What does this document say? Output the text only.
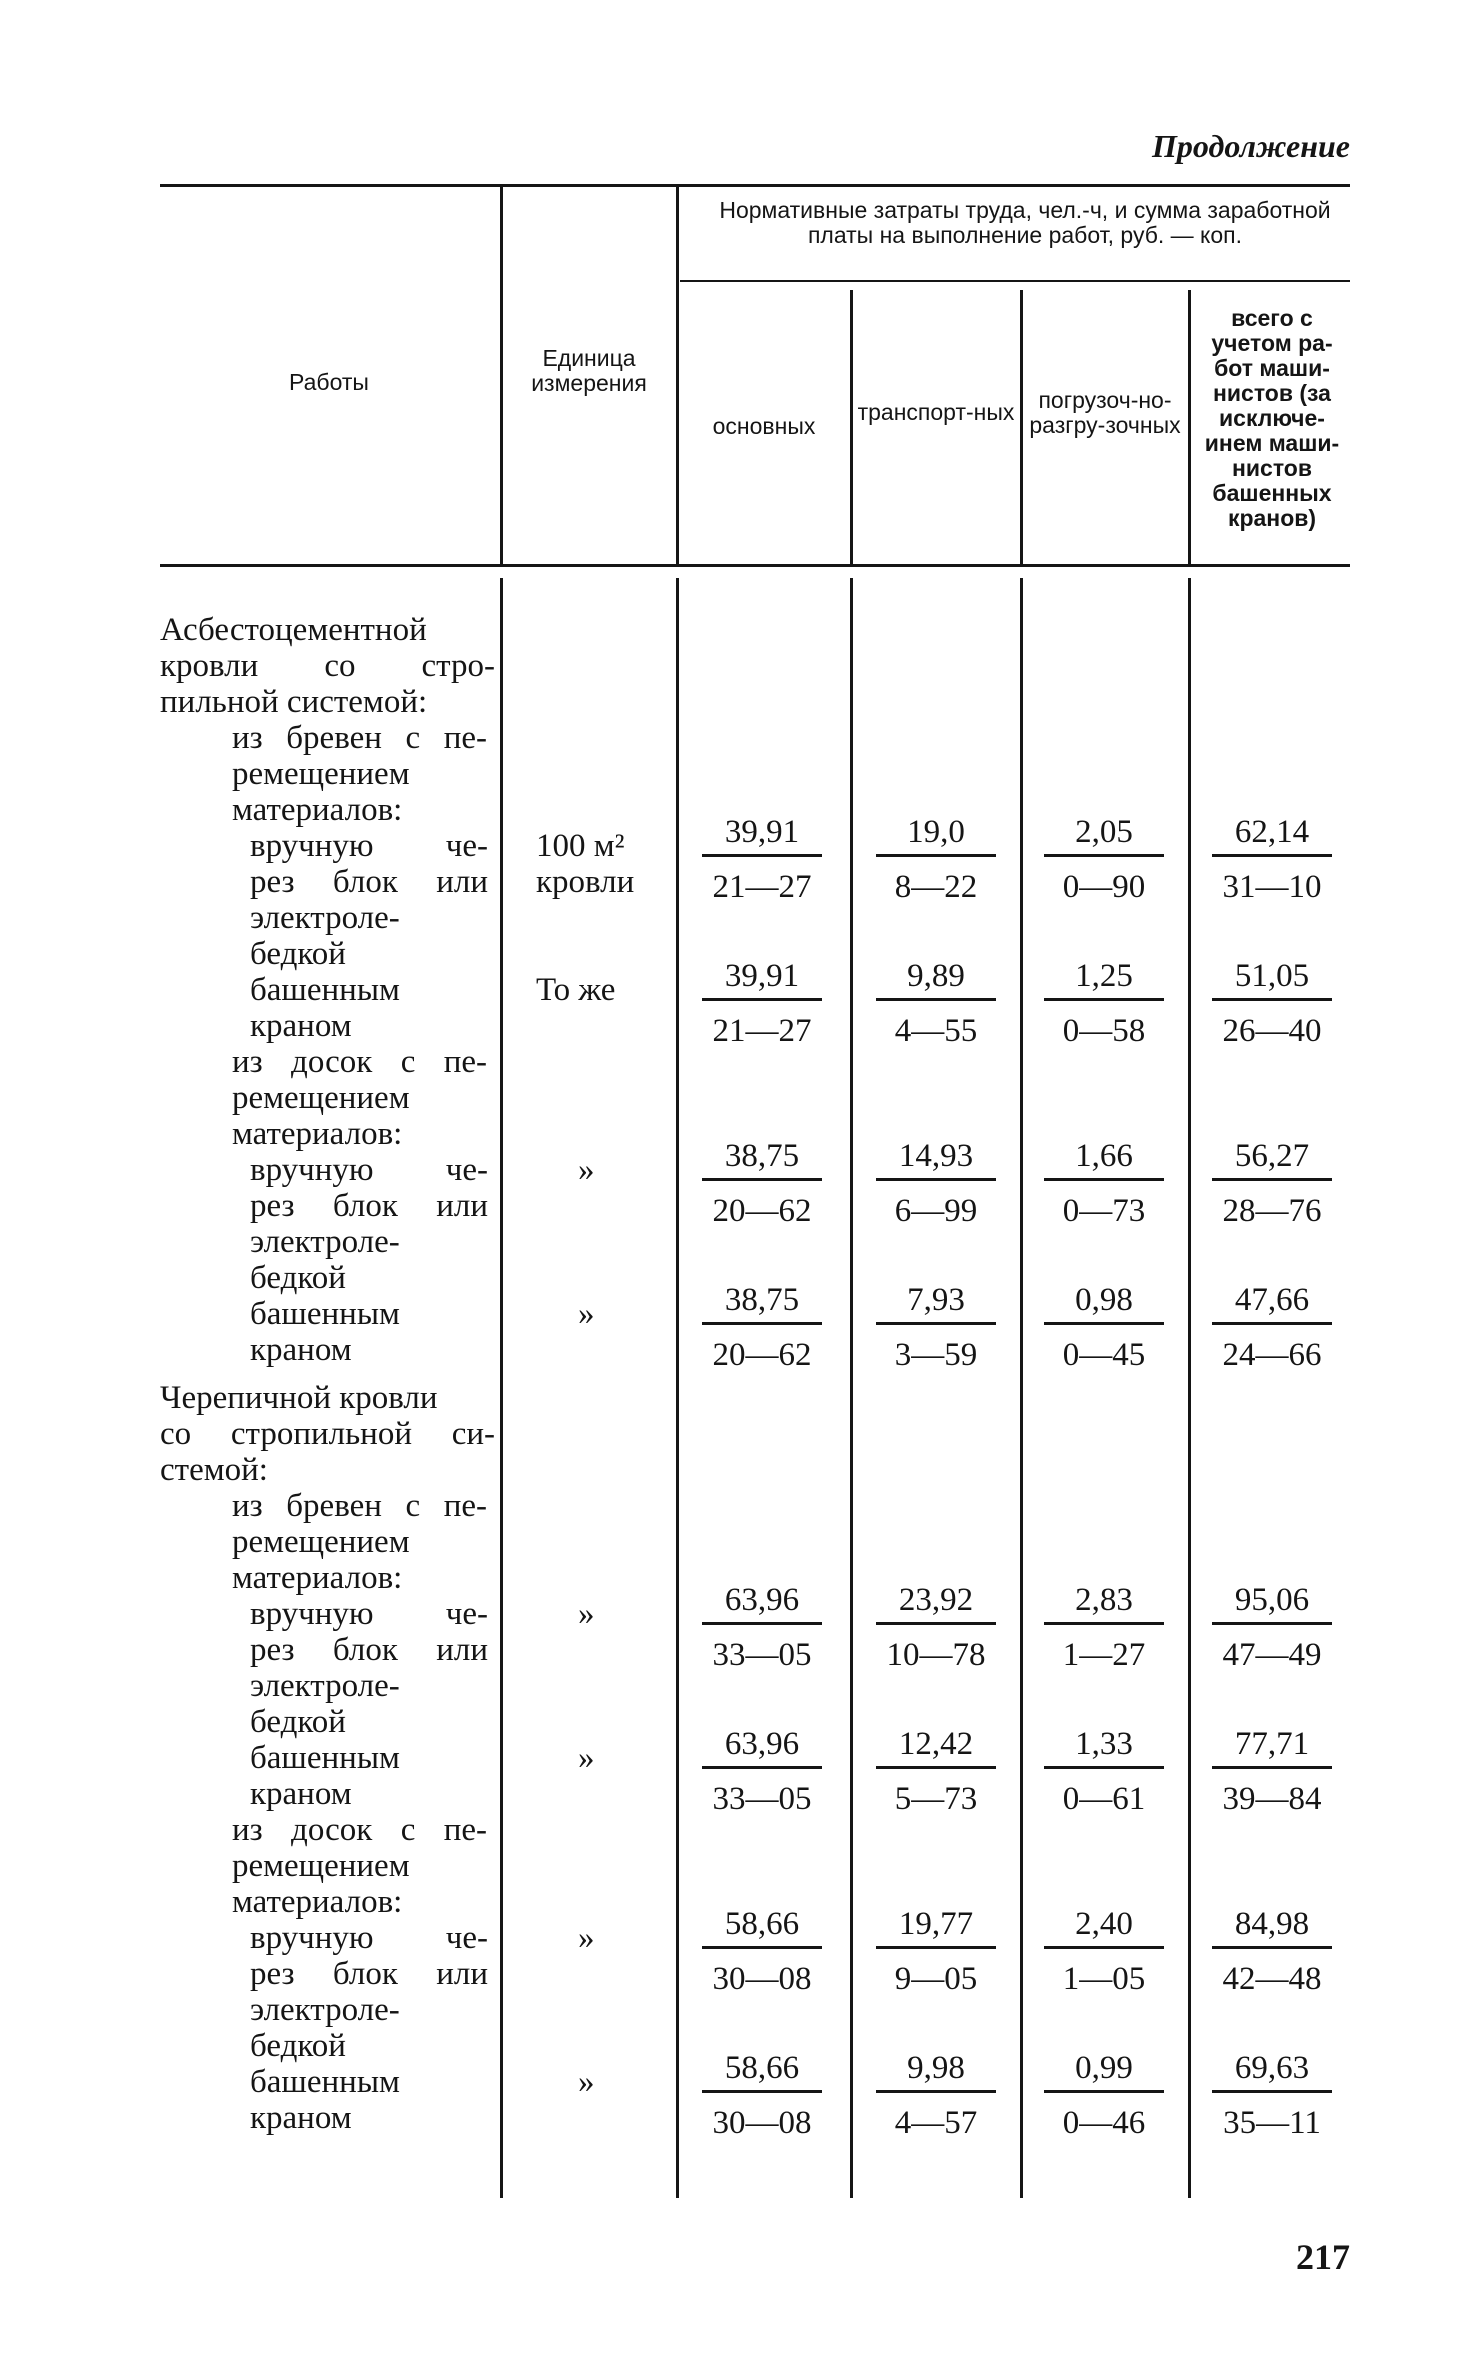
Продолжение
Работы
Единица измерения
Нормативные затраты труда, чел.-ч, и сумма заработной платы на выполнение работ, руб. — коп.
основных
транспорт-ных	погрузоч-но-разгру-зочных
всего с учетом ра-бот маши-нистов (за исключе-инем маши-нистов башенных кранов)
Асбестоцементной
кровли со стро-
пильной системой:
из бревен с пе-
ремещением
материалов:
вручную че-
рез блок или
электроле-
бедкой
башенным
краном
из досок с пе-
ремещением
материалов:
вручную че-
рез блок или
электроле-
бедкой
башенным
краном
Черепичной кровли
со стропильной си-
стемой:
из бревен с пе-
ремещением
материалов:
вручную че-
рез блок или
электроле-
бедкой
башенным
краном
из досок с пе-
ремещением
материалов:
вручную че-
рез блок или
электроле-
бедкой
башенным
краном
100 м² кровли
То же
»
»
»
»
»
»
39,91
21—27
19,0
8—22
2,05
0—90
62,14
31—10
39,91
21—27
9,89
4—55
1,25
0—58
51,05
26—40
38,75
20—62
14,93
6—99
1,66
0—73
56,27
28—76
38,75
20—62
7,93
3—59
0,98
0—45
47,66
24—66
63,96
33—05
23,92
10—78
2,83
1—27
95,06
47—49
63,96
33—05
12,42
5—73
1,33
0—61
77,71
39—84
58,66
30—08
19,77
9—05
2,40
1—05
84,98
42—48
58,66
30—08
9,98
4—57
0,99
0—46
69,63
35—11
217
